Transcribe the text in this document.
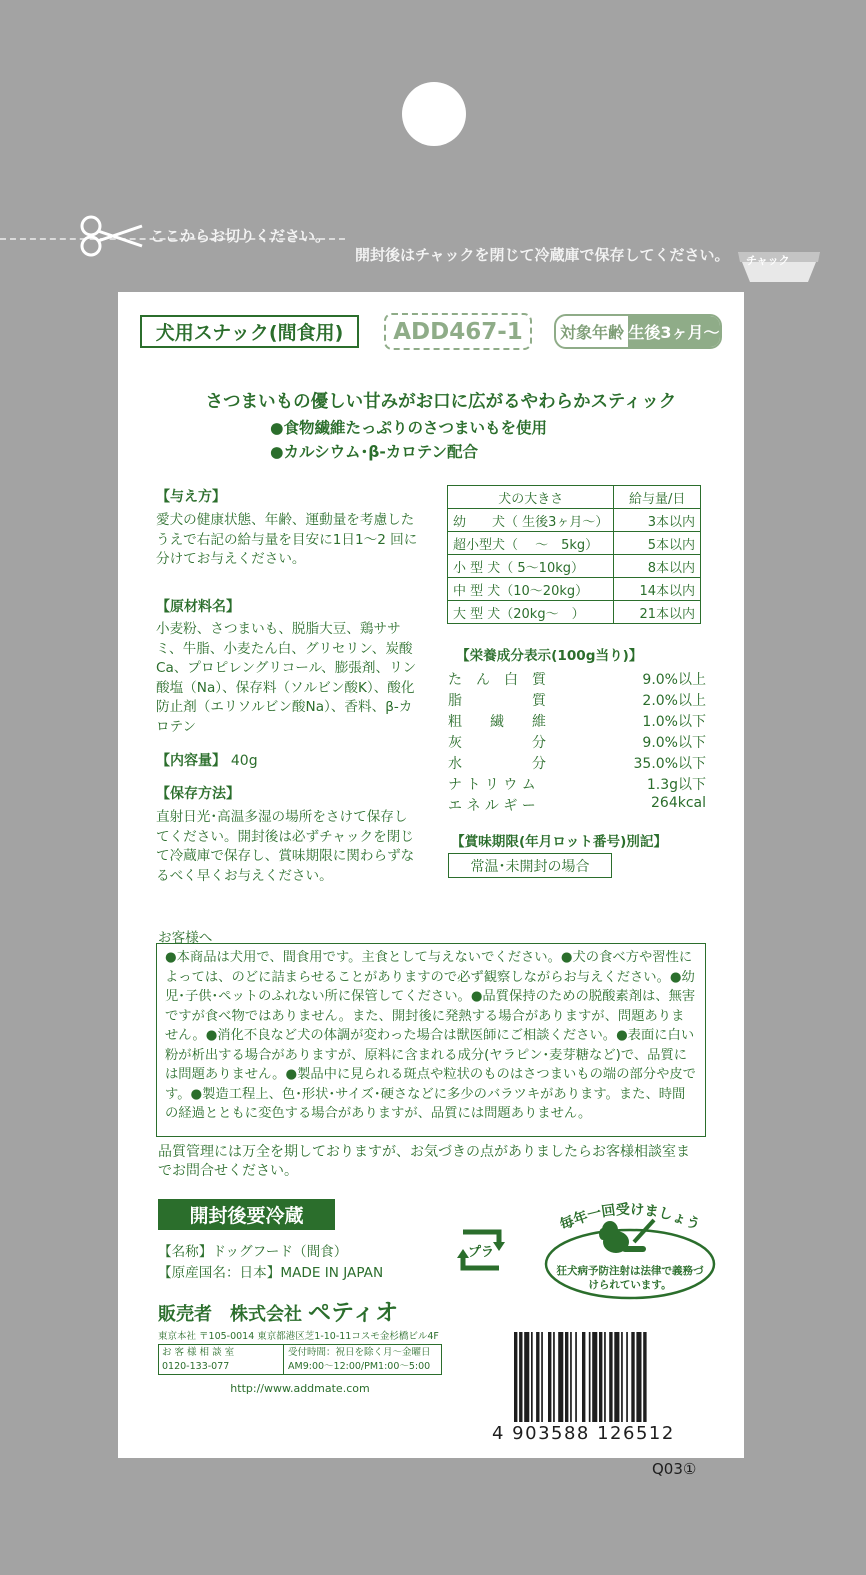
ここからお切りください。
開封後はチャックを閉じて冷蔵庫で保存してください。 チャック
犬用スナック(間食用)	ADD467-1	対象年齢 生後3ヶ月〜
さつまいもの優しい甘みがお口に広がるやわらかスティック
●食物繊維たっぷりのさつまいもを使用
●カルシウム･β-カロテン配合
【与え方】
愛犬の健康状態、年齢、運動量を考慮したうえで右記の給与量を目安に1日1〜2 回に分けてお与えください。
【原材料名】
小麦粉、さつまいも、脱脂大豆、鶏ササミ、牛脂、小麦たん白、グリセリン、炭酸Ca、プロピレングリコール、膨張剤、リン酸塩（Na）、保存料（ソルビン酸K）、酸化防止剤（エリソルビン酸Na）、香料、β-カロテン
【内容量】 40g
【保存方法】
直射日光･高温多湿の場所をさけて保存してください。開封後は必ずチャックを閉じて冷蔵庫で保存し、賞味期限に関わらずなるべく早くお与えください。
犬の大きさ	給与量/日
幼　　犬（ 生後3ヶ月〜）	3本以内
超小型犬（　 〜　5kg）	5本以内
小 型 犬（ 5〜10kg）	8本以内
中 型 犬（10〜20kg）	14本以内
大 型 犬（20kg〜　）	21本以内
【栄養成分表示(100g当り)】
た　ん　白　質	9.0%以上
脂　　　　　質	2.0%以上
粗　　繊　　維	1.0%以下
灰　　　　　分	9.0%以下
水　　　　　分	35.0%以下
ナ ト リ ウ ム	1.3g以下
エ ネ ル ギ ー	264kcal
【賞味期限(年月ロット番号)別記】
常温･未開封の場合
お客様へ
●本商品は犬用で、間食用です。主食として与えないでください。●犬の食べ方や習性によっては、のどに詰まらせることがありますので必ず観察しながらお与えください。●幼児･子供･ペットのふれない所に保管してください。●品質保持のための脱酸素剤は、無害ですが食べ物ではありません。また、開封後に発熱する場合がありますが、問題ありません。●消化不良など犬の体調が変わった場合は獣医師にご相談ください。●表面に白い粉が析出する場合がありますが、原料に含まれる成分(ヤラピン･麦芽糖など)で、品質には問題ありません。●製品中に見られる斑点や粒状のものはさつまいもの端の部分や皮です。●製造工程上、色･形状･サイズ･硬さなどに多少のバラツキがあります。また、時間の経過とともに変色する場合がありますが、品質には問題ありません。
品質管理には万全を期しておりますが、お気づきの点がありましたらお客様相談室までお問合せください。
開封後要冷蔵
【名称】ドッグフード（間食）
【原産国名：日本】MADE IN JAPAN
プラ
毎年一回受けましょう
狂犬病予防注射は法律で義務づけられています。
販売者　株式会社 ペティオ
東京本社 〒105-0014 東京都港区芝1-10-11コスモ金杉橋ビル4F
お 客 様 相 談 室
0120-133-077
受付時間：祝日を除く月〜金曜日
AM9:00〜12:00/PM1:00〜5:00
http://www.addmate.com
4 903588 126512
Q03①
